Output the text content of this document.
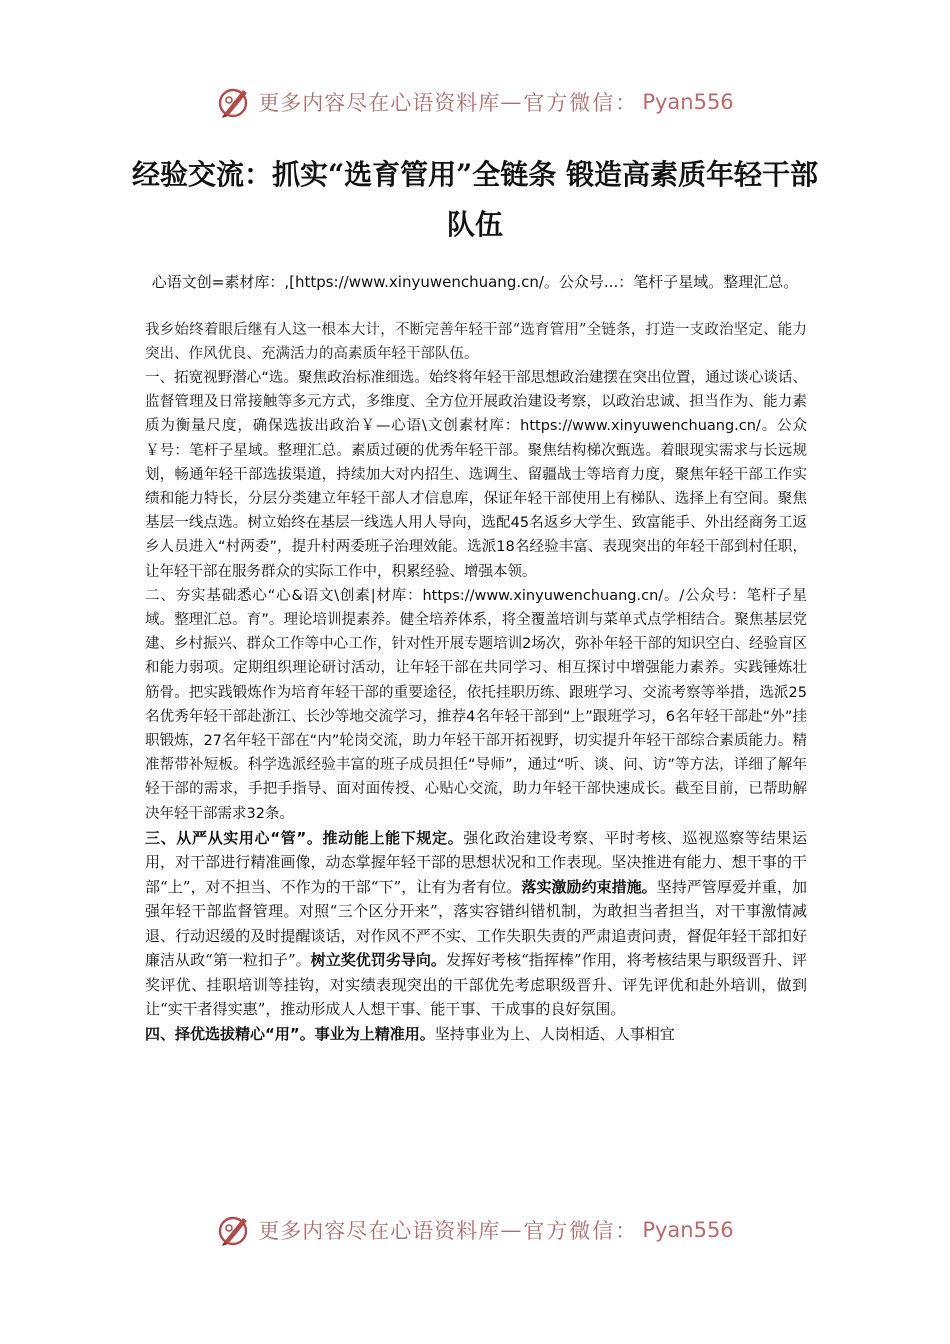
更多内容尽在心语资料库 — 官方微信： Pyan556
经验交流：抓实“选育管用”全链条 锻造高素质年轻干部队伍
心语文创=素材库：,[https://www.xinyuwenchuang.cn/。公众号...：笔杆子星域。整理汇总。

我乡始终着眼后继有人这一根本大计，不断完善年轻干部“选育管用”全链条，打造一支政治坚定、能力突出、作风优良、充满活力的高素质年轻干部队伍。

一、拓宽视野潜心“选。聚焦政治标准细选。始终将年轻干部思想政治建摆在突出位置，通过谈心谈话、监督管理及日常接触等多元方式，多维度、全方位开展政治建设考察，以政治忠诚、担当作为、能力素质为衡量尺度，确保选拔出政治￥—心语\文创素材库：https://www.xinyuwenchuang.cn/。公众￥号：笔杆子星域。整理汇总。素质过硬的优秀年轻干部。聚焦结构梯次甄选。着眼现实需求与长远规划，畅通年轻干部选拔渠道，持续加大对内招生、选调生、留疆战士等培育力度，聚焦年轻干部工作实绩和能力特长，分层分类建立年轻干部人才信息库，保证年轻干部使用上有梯队、选择上有空间。聚焦基层一线点选。树立始终在基层一线选人用人导向，选配45名返乡大学生、致富能手、外出经商务工返乡人员进入“村两委”，提升村两委班子治理效能。选派18名经验丰富、表现突出的年轻干部到村任职，让年轻干部在服务群众的实际工作中，积累经验、增强本领。

二、夯实基础悉心“心&语文\创素|材库：https://www.xinyuwenchuang.cn/。/公众号：笔杆子星域。整理汇总。育”。理论培训提素养。健全培养体系，将全覆盖培训与菜单式点学相结合。聚焦基层党建、乡村振兴、群众工作等中心工作，针对性开展专题培训2场次，弥补年轻干部的知识空白、经验盲区和能力弱项。定期组织理论研讨活动，让年轻干部在共同学习、相互探讨中增强能力素养。实践锤炼壮筋骨。把实践锻炼作为培育年轻干部的重要途径，依托挂职历练、跟班学习、交流考察等举措，选派25名优秀年轻干部赴浙江、长沙等地交流学习，推荐4名年轻干部到“上”跟班学习，6名年轻干部赴“外”挂职锻炼，27名年轻干部在“内”轮岗交流，助力年轻干部开拓视野，切实提升年轻干部综合素质能力。精准帮带补短板。科学选派经验丰富的班子成员担任“导师”，通过“听、谈、问、访”等方法，详细了解年轻干部的需求，手把手指导、面对面传授、心贴心交流，助力年轻干部快速成长。截至目前，已帮助解决年轻干部需求32条。

三、从严从实用心“管”。推动能上能下规定。强化政治建设考察、平时考核、巡视巡察等结果运用，对干部进行精准画像，动态掌握年轻干部的思想状况和工作表现。坚决推进有能力、想干事的干部“上”，对不担当、不作为的干部“下”，让有为者有位。落实激励约束措施。坚持严管厚爱并重，加强年轻干部监督管理。对照“三个区分开来”，落实容错纠错机制，为敢担当者担当，对干事激情减退、行动迟缓的及时提醒谈话，对作风不严不实、工作失职失责的严肃追责问责，督促年轻干部扣好廉洁从政“第一粒扣子”。树立奖优罚劣导向。发挥好考核“指挥棒”作用，将考核结果与职级晋升、评奖评优、挂职培训等挂钩，对实绩表现突出的干部优先考虑职级晋升、评先评优和赴外培训，做到让“实干者得实惠”，推动形成人人想干事、能干事、干成事的良好氛围。

四、择优选拔精心“用”。事业为上精准用。坚持事业为上、人岗相适、人事相宜

更多内容尽在心语资料库 — 官方微信： Pyan556
